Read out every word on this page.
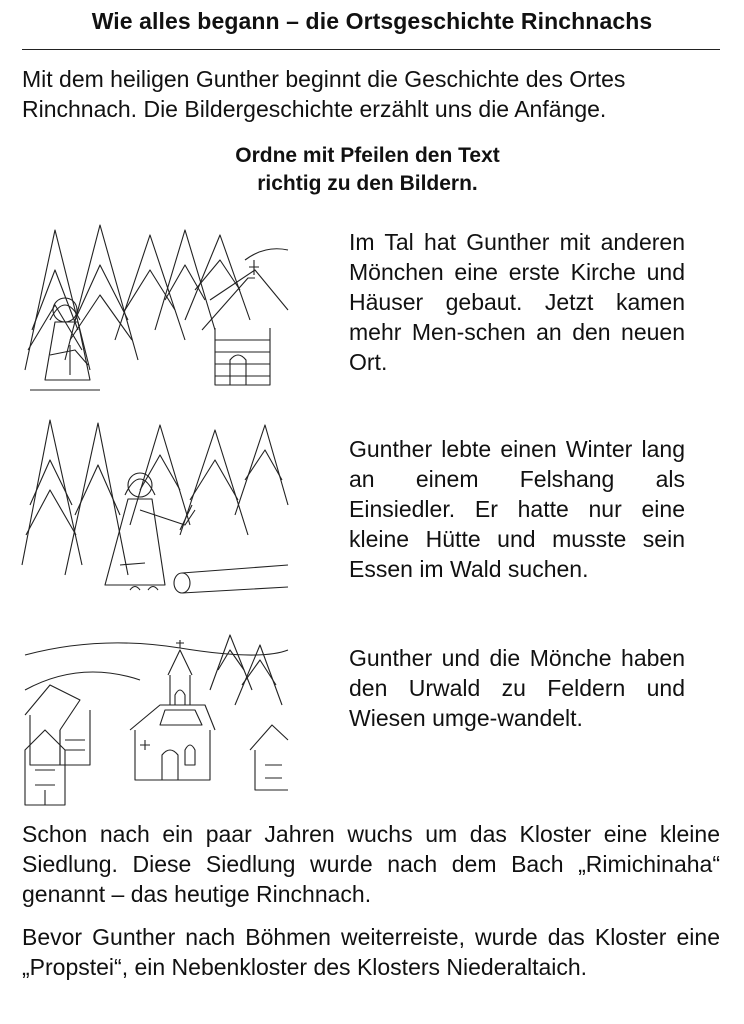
Wie alles begann – die Ortsgeschichte Rinchnachs
Mit dem heiligen Gunther beginnt die Geschichte des Ortes Rinchnach. Die Bildergeschichte erzählt uns die Anfänge.
Ordne mit Pfeilen den Text
richtig zu den Bildern.
Im Tal hat Gunther mit anderen Mönchen eine erste Kirche und Häuser gebaut. Jetzt kamen mehr Men-schen an den neuen Ort.
Gunther lebte einen Winter lang an einem Felshang als Einsiedler. Er hatte nur eine kleine Hütte und musste sein Essen im Wald suchen.
Gunther und die Mönche haben den Urwald zu Feldern und Wiesen umge-wandelt.
Schon nach ein paar Jahren wuchs um das Kloster eine kleine Siedlung. Diese Siedlung wurde nach dem Bach „Rimichinaha“ genannt – das heutige Rinchnach.
Bevor Gunther nach Böhmen weiterreiste, wurde das Kloster eine „Propstei“, ein Nebenkloster des Klosters Niederaltaich.
